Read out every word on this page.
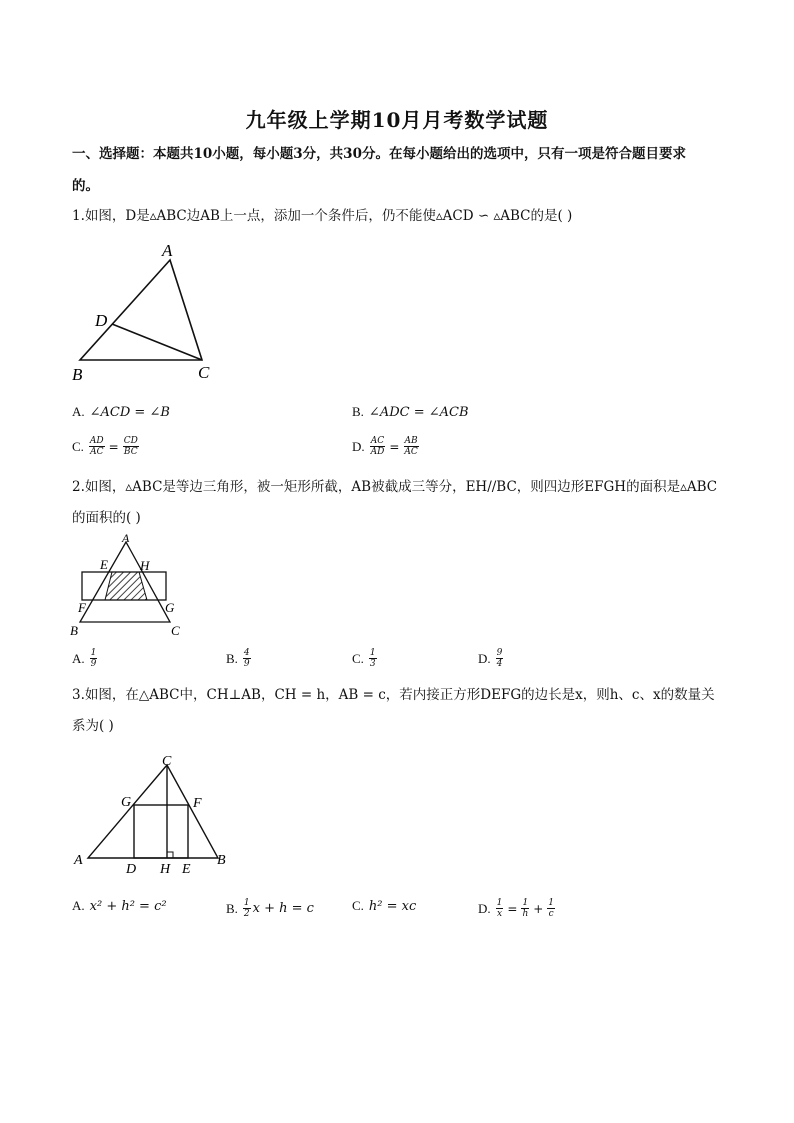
九年级上学期10月月考数学试题
一、选择题：本题共10小题，每小题3分，共30分。在每小题给出的选项中，只有一项是符合题目要求
的。
1.如图，D是▵ABC边AB上一点，添加一个条件后，仍不能使▵ACD ∽ ▵ABC的是( )
A
D
B	C
A. ∠ACD = ∠B	B. ∠ADC = ∠ACB
C. $\frac{AD}{AC} = \frac{CD}{BC}$	D. $\frac{AC}{AD} = \frac{AB}{AC}$
2.如图，▵ABC是等边三角形，被一矩形所截，AB被截成三等分，EH//BC，则四边形EFGH的面积是▵ABC
的面积的( )
A
E H
F	G
B	C
A. $\frac{1}{9}$	B. $\frac{4}{9}$	C. $\frac{1}{3}$	D. $\frac{9}{4}$
3.如图，在△ABC中，CH⊥AB，CH = h，AB = c，若内接正方形DEFG的边长是x，则h、c、x的数量关
系为( )
C
G	F
A	B
D H E
A. x² + h² = c²	B. $\frac{1}{2}$ x + h = c	C. h² = xc	D. $\frac{1}{x} = \frac{1}{h} + \frac{1}{c}$
